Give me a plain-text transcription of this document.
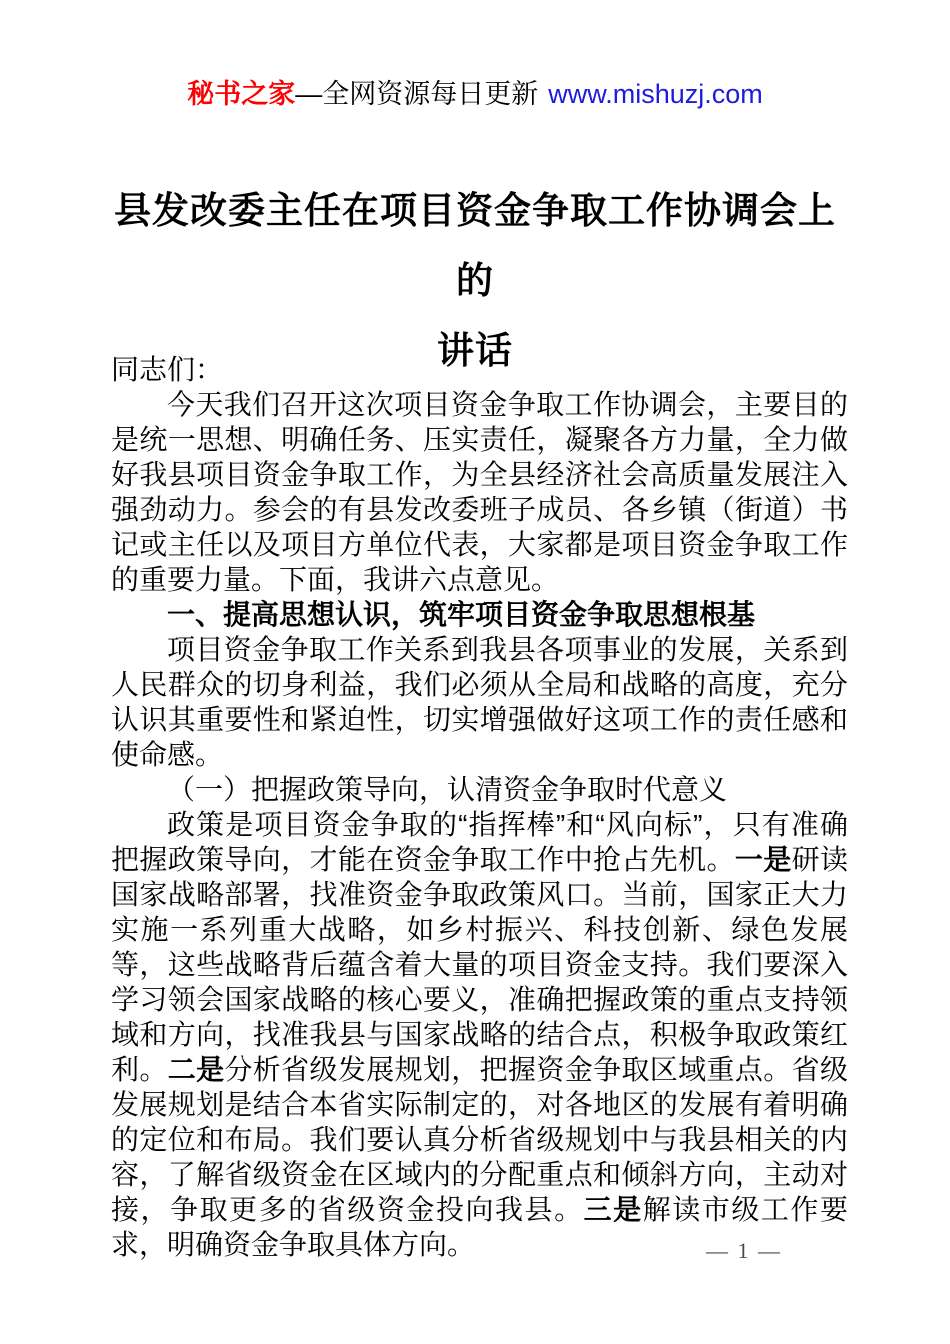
秘书之家—全网资源每日更新 www.mishuzj.com
县发改委主任在项目资金争取工作协调会上的
讲话

同志们：

今天我们召开这次项目资金争取工作协调会，主要目的是统一思想、明确任务、压实责任，凝聚各方力量，全力做好我县项目资金争取工作，为全县经济社会高质量发展注入强劲动力。参会的有县发改委班子成员、各乡镇（街道）书记或主任以及项目方单位代表，大家都是项目资金争取工作的重要力量。下面，我讲六点意见。

一、提高思想认识，筑牢项目资金争取思想根基

项目资金争取工作关系到我县各项事业的发展，关系到人民群众的切身利益，我们必须从全局和战略的高度，充分认识其重要性和紧迫性，切实增强做好这项工作的责任感和使命感。

（一）把握政策导向，认清资金争取时代意义

政策是项目资金争取的“指挥棒”和“风向标”，只有准确把握政策导向，才能在资金争取工作中抢占先机。一是研读国家战略部署，找准资金争取政策风口。当前，国家正大力实施一系列重大战略，如乡村振兴、科技创新、绿色发展等，这些战略背后蕴含着大量的项目资金支持。我们要深入学习领会国家战略的核心要义，准确把握政策的重点支持领域和方向，找准我县与国家战略的结合点，积极争取政策红利。二是分析省级发展规划，把握资金争取区域重点。省级发展规划是结合本省实际制定的，对各地区的发展有着明确的定位和布局。我们要认真分析省级规划中与我县相关的内容，了解省级资金在区域内的分配重点和倾斜方向，主动对接，争取更多的省级资金投向我县。三是解读市级工作要求，明确资金争取具体方向。	— 1 —
